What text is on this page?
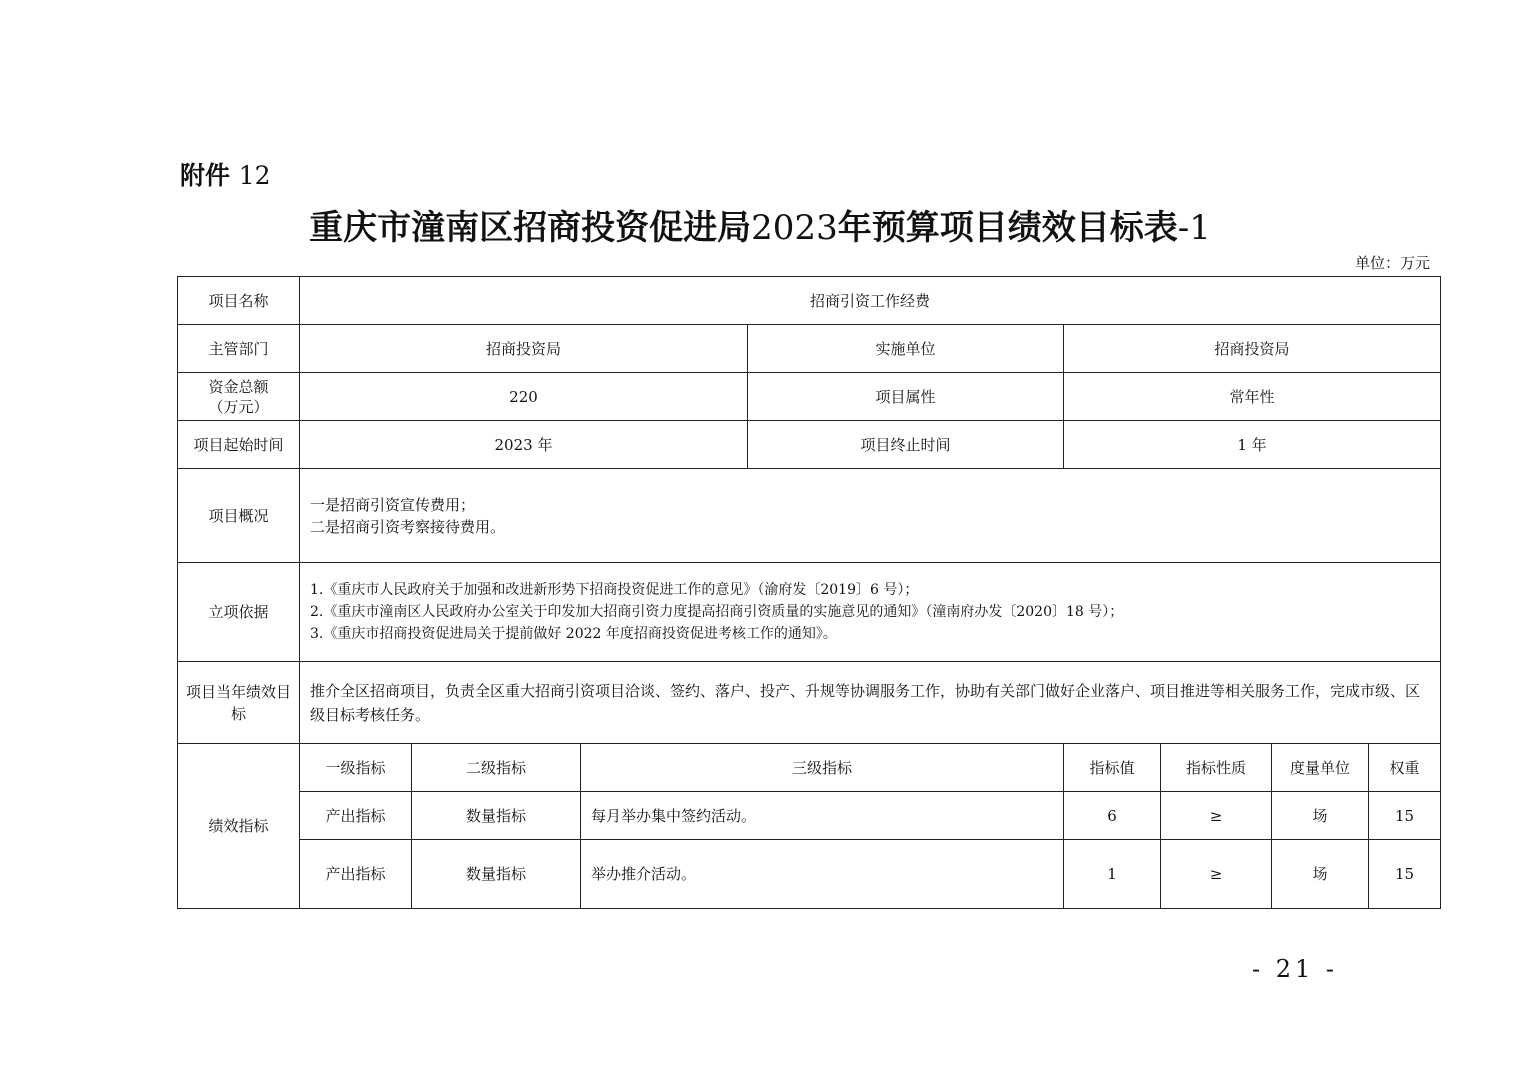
附件 12
重庆市潼南区招商投资促进局2023年预算项目绩效目标表-1
单位：万元
项目名称	招商引资工作经费							
主管部门	招商投资局			实施单位	招商投资局			

资金总额
（万元）	220			项目属性	常年性			
项目起始时间	2023 年			项目终止时间	1 年			
项目概况	一是招商引资宣传费用；
二是招商引资考察接待费用。							

立项依据	1.《重庆市人民政府关于加强和改进新形势下招商投资促进工作的意见》（渝府发〔2019〕6 号）；
2.《重庆市潼南区人民政府办公室关于印发加大招商引资力度提高招商引资质量的实施意见的通知》（潼南府办发〔2020〕18 号）；
3.《重庆市招商投资促进局关于提前做好 2022 年度招商投资促进考核工作的通知》。							

项目当年绩效目标	推介全区招商项目，负责全区重大招商引资项目洽谈、签约、落户、投产、升规等协调服务工作，协助有关部门做好企业落户、项目推进等相关服务工作，完成市级、区级目标考核任务。							
绩效指标	一级指标	二级指标	三级指标		指标值	指标性质	度量单位	权重
	产出指标	数量指标	每月举办集中签约活动。		6	≥	场	15
	产出指标	数量指标	举办推介活动。		1	≥	场	15
- 21 -
